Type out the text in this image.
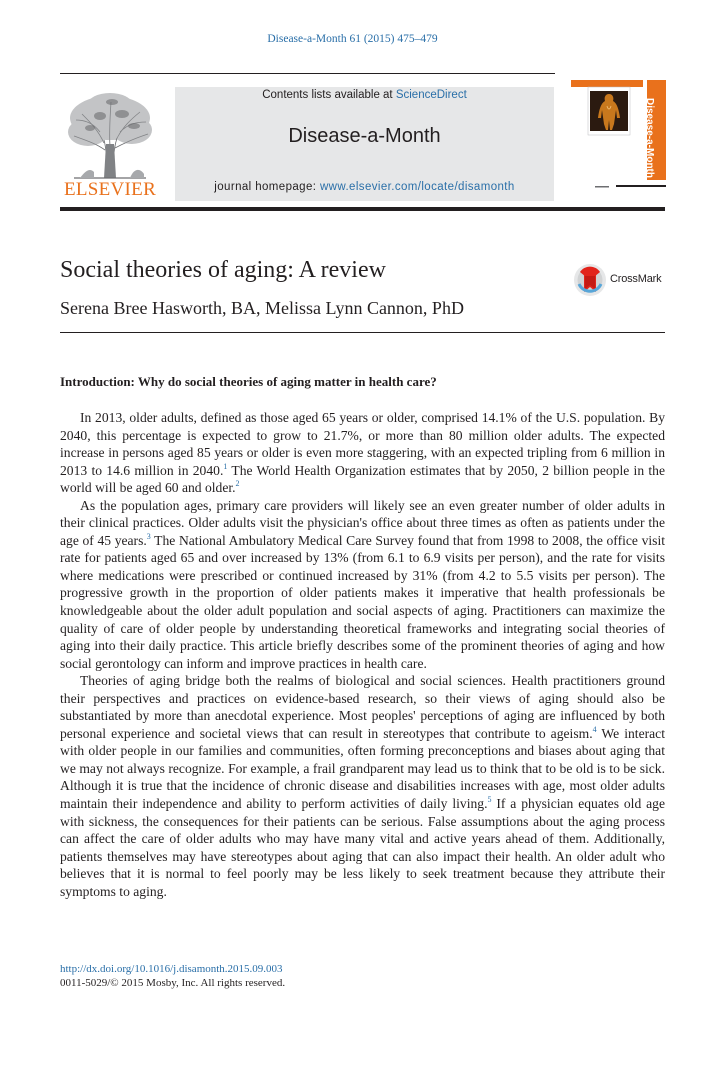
Disease-a-Month 61 (2015) 475–479
ELSEVIER
Contents lists available at ScienceDirect
Disease-a-Month
journal homepage: www.elsevier.com/locate/disamonth
Disease-a-Month
Social theories of aging: A review
Serena Bree Hasworth, BA, Melissa Lynn Cannon, PhD
CrossMark
Introduction: Why do social theories of aging matter in health care?

In 2013, older adults, defined as those aged 65 years or older, comprised 14.1% of the U.S. population. By 2040, this percentage is expected to grow to 21.7%, or more than 80 million older adults. The expected increase in persons aged 85 years or older is even more staggering, with an expected tripling from 6 million in 2013 to 14.6 million in 2040.$^1$ The World Health Organization estimates that by 2050, 2 billion people in the world will be aged 60 and older.$^2$

As the population ages, primary care providers will likely see an even greater number of older adults in their clinical practices. Older adults visit the physician's office about three times as often as patients under the age of 45 years.$^3$ The National Ambulatory Medical Care Survey found that from 1998 to 2008, the office visit rate for patients aged 65 and over increased by 13% (from 6.1 to 6.9 visits per person), and the rate for visits where medications were prescribed or continued increased by 31% (from 4.2 to 5.5 visits per person). The progressive growth in the proportion of older patients makes it imperative that health professionals be knowledgeable about the older adult population and social aspects of aging. Practitioners can maximize the quality of care of older people by understanding theoretical frameworks and integrating social theories of aging into their daily practice. This article briefly describes some of the prominent theories of aging and how social gerontology can inform and improve practices in health care.

Theories of aging bridge both the realms of biological and social sciences. Health practitioners ground their perspectives and practices on evidence-based research, so their views of aging should also be substantiated by more than anecdotal experience. Most peoples' perceptions of aging are influenced by both personal experience and societal views that can result in stereotypes that contribute to ageism.$^4$ We interact with older people in our families and communities, often forming preconceptions and biases about aging that we may not always recognize. For example, a frail grandparent may lead us to think that to be old is to be sick. Although it is true that the incidence of chronic disease and disabilities increases with age, most older adults maintain their independence and ability to perform activities of daily living.$^5$ If a physician equates old age with sickness, the consequences for their patients can be serious. False assumptions about the aging process can affect the care of older adults who may have many vital and active years ahead of them. Additionally, patients themselves may have stereotypes about aging that can also impact their health. An older adult who believes that it is normal to feel poorly may be less likely to seek treatment because they attribute their symptoms to aging.

http://dx.doi.org/10.1016/j.disamonth.2015.09.003
0011-5029/© 2015 Mosby, Inc. All rights reserved.
